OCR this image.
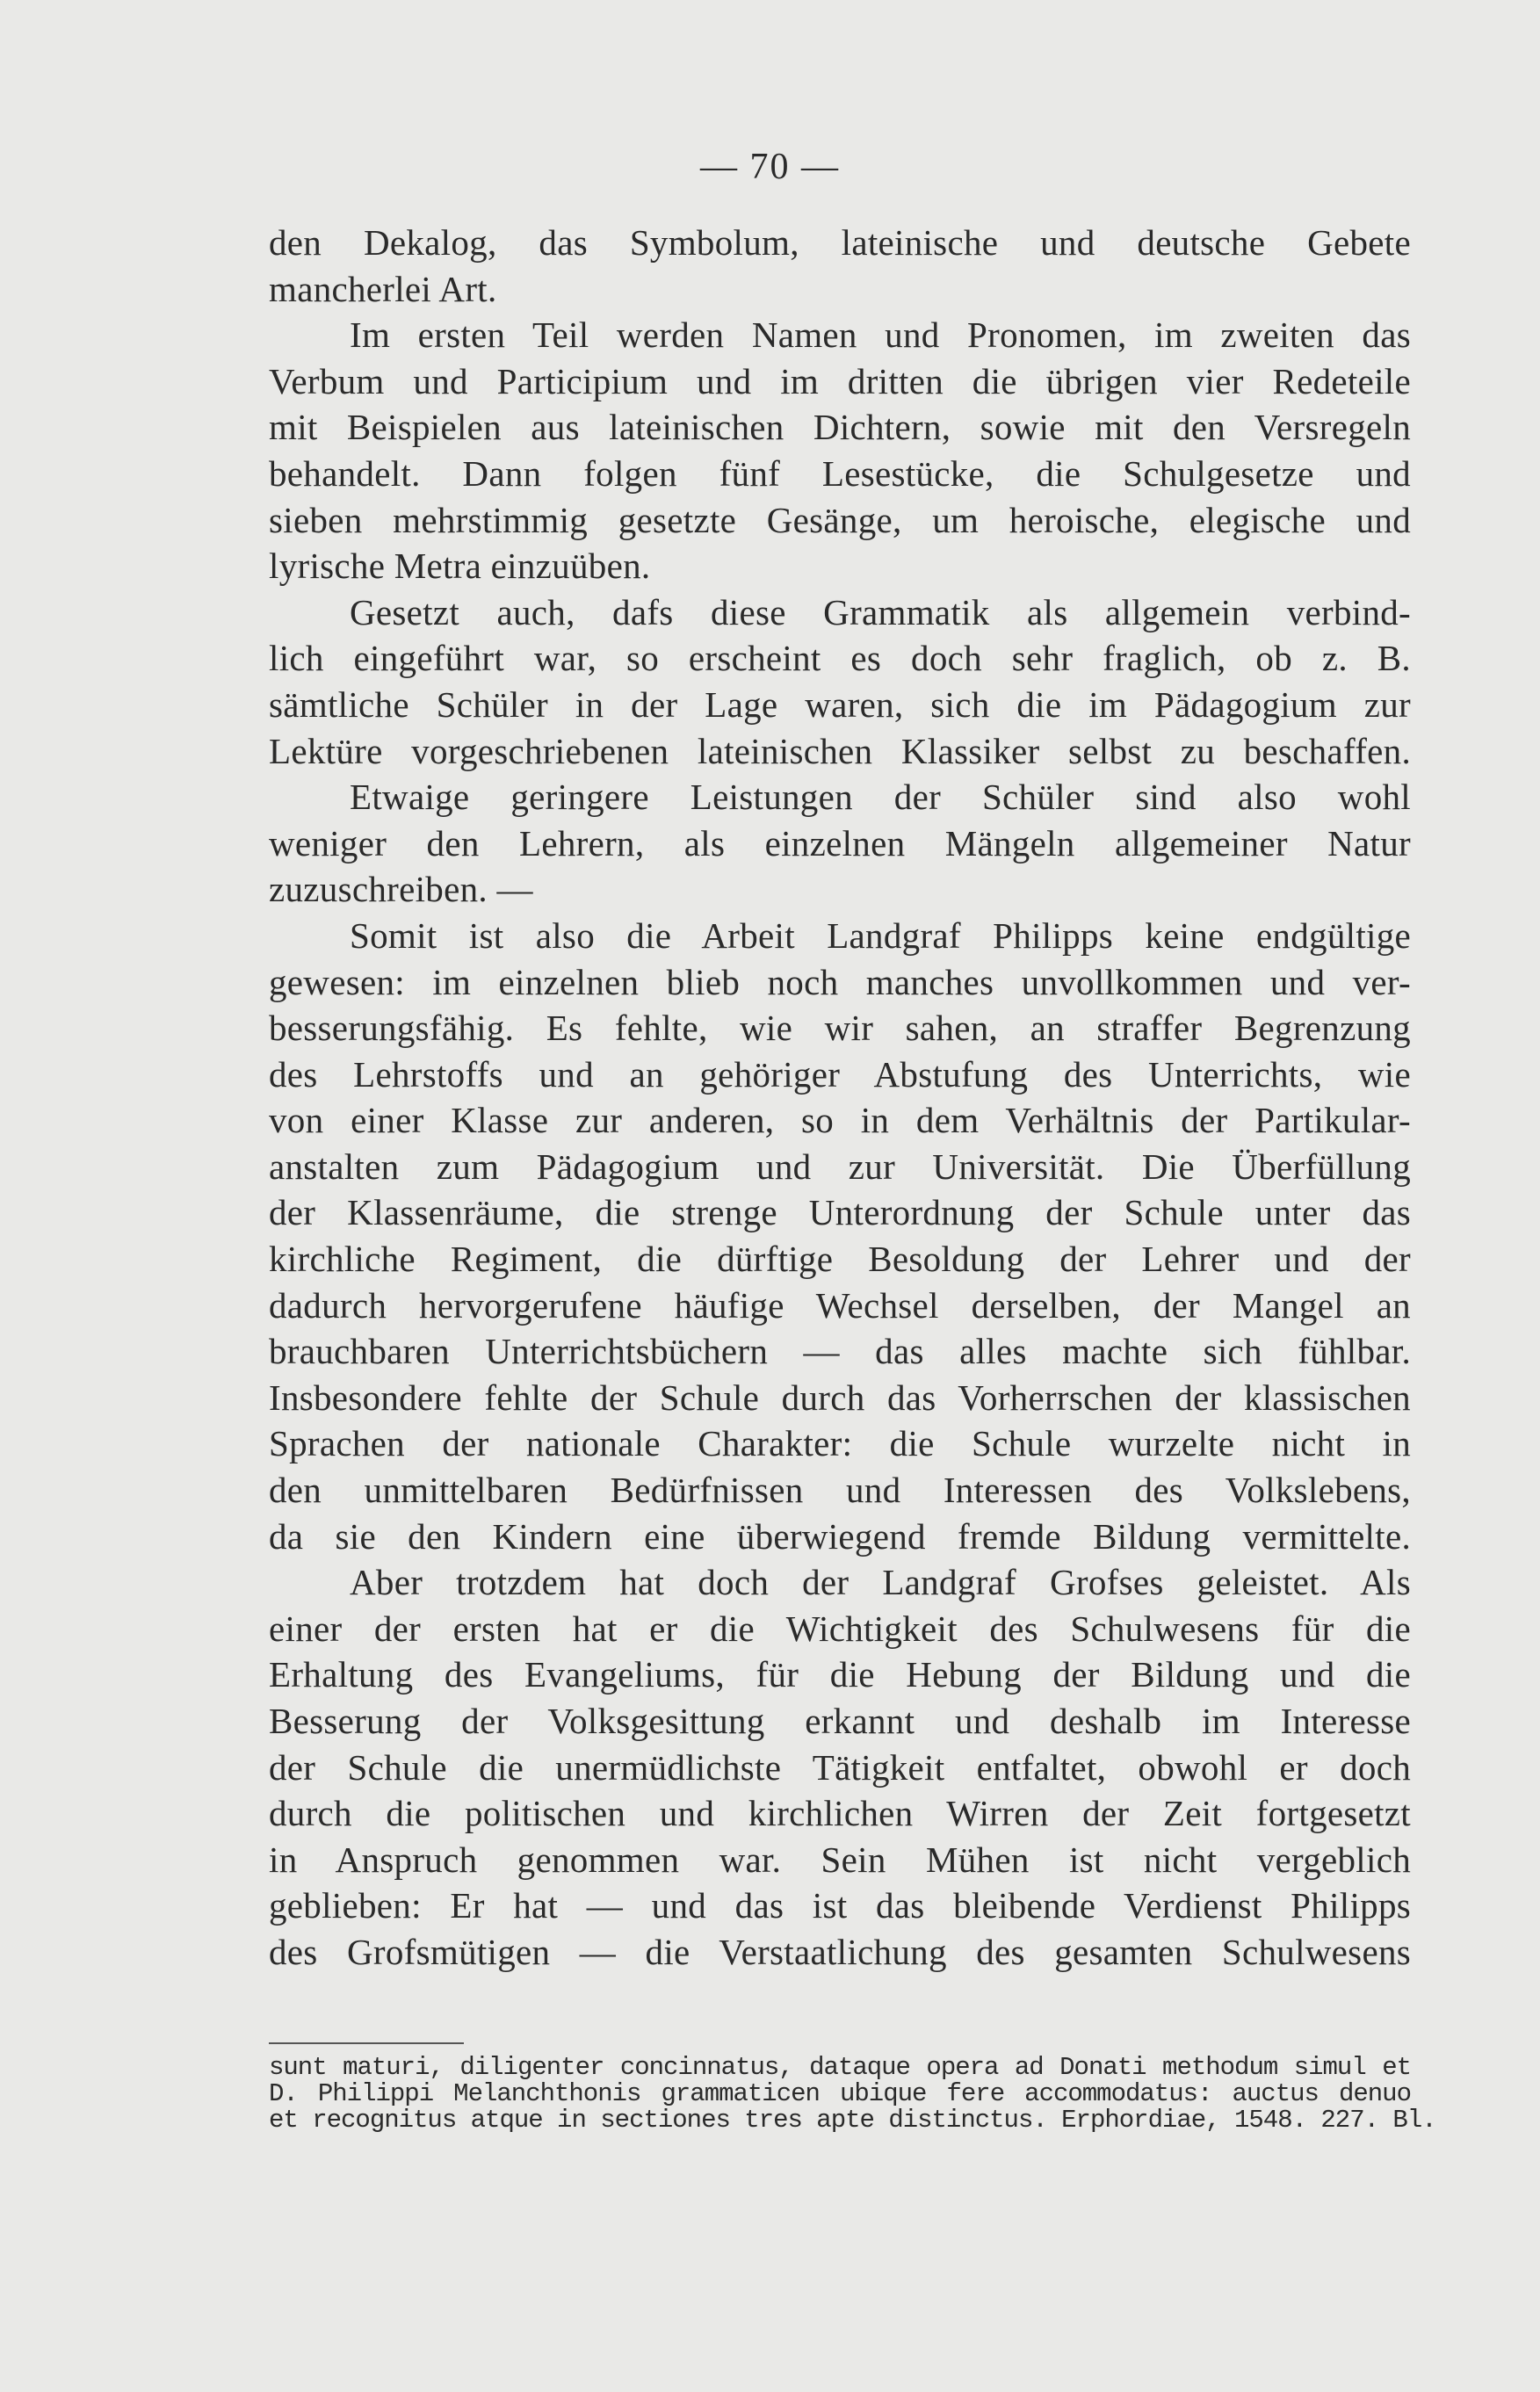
— 70 —
den Dekalog, das Symbolum, lateinische und deutsche Gebete
mancherlei Art.
Im ersten Teil werden Namen und Pronomen, im zweiten das
Verbum und Participium und im dritten die übrigen vier Redeteile
mit Beispielen aus lateinischen Dichtern, sowie mit den Versregeln
behandelt. Dann folgen fünf Lesestücke, die Schulgesetze und
sieben mehrstimmig gesetzte Gesänge, um heroische, elegische und
lyrische Metra einzuüben.
Gesetzt auch, dafs diese Grammatik als allgemein verbind-
lich eingeführt war, so erscheint es doch sehr fraglich, ob z. B.
sämtliche Schüler in der Lage waren, sich die im Pädagogium zur
Lektüre vorgeschriebenen lateinischen Klassiker selbst zu beschaffen.
Etwaige geringere Leistungen der Schüler sind also wohl
weniger den Lehrern, als einzelnen Mängeln allgemeiner Natur
zuzuschreiben. —
Somit ist also die Arbeit Landgraf Philipps keine endgültige
gewesen: im einzelnen blieb noch manches unvollkommen und ver-
besserungsfähig. Es fehlte, wie wir sahen, an straffer Begrenzung
des Lehrstoffs und an gehöriger Abstufung des Unterrichts, wie
von einer Klasse zur anderen, so in dem Verhältnis der Partikular-
anstalten zum Pädagogium und zur Universität. Die Überfüllung
der Klassenräume, die strenge Unterordnung der Schule unter das
kirchliche Regiment, die dürftige Besoldung der Lehrer und der
dadurch hervorgerufene häufige Wechsel derselben, der Mangel an
brauchbaren Unterrichtsbüchern — das alles machte sich fühlbar.
Insbesondere fehlte der Schule durch das Vorherrschen der klassischen
Sprachen der nationale Charakter: die Schule wurzelte nicht in
den unmittelbaren Bedürfnissen und Interessen des Volkslebens,
da sie den Kindern eine überwiegend fremde Bildung vermittelte.
Aber trotzdem hat doch der Landgraf Grofses geleistet. Als
einer der ersten hat er die Wichtigkeit des Schulwesens für die
Erhaltung des Evangeliums, für die Hebung der Bildung und die
Besserung der Volksgesittung erkannt und deshalb im Interesse
der Schule die unermüdlichste Tätigkeit entfaltet, obwohl er doch
durch die politischen und kirchlichen Wirren der Zeit fortgesetzt
in Anspruch genommen war. Sein Mühen ist nicht vergeblich
geblieben: Er hat — und das ist das bleibende Verdienst Philipps
des Grofsmütigen — die Verstaatlichung des gesamten Schulwesens
sunt maturi, diligenter concinnatus, dataque opera ad Donati methodum simul et
D. Philippi Melanchthonis grammaticen ubique fere accommodatus: auctus denuo
et recognitus atque in sectiones tres apte distinctus. Erphordiae, 1548. 227. Bl.
